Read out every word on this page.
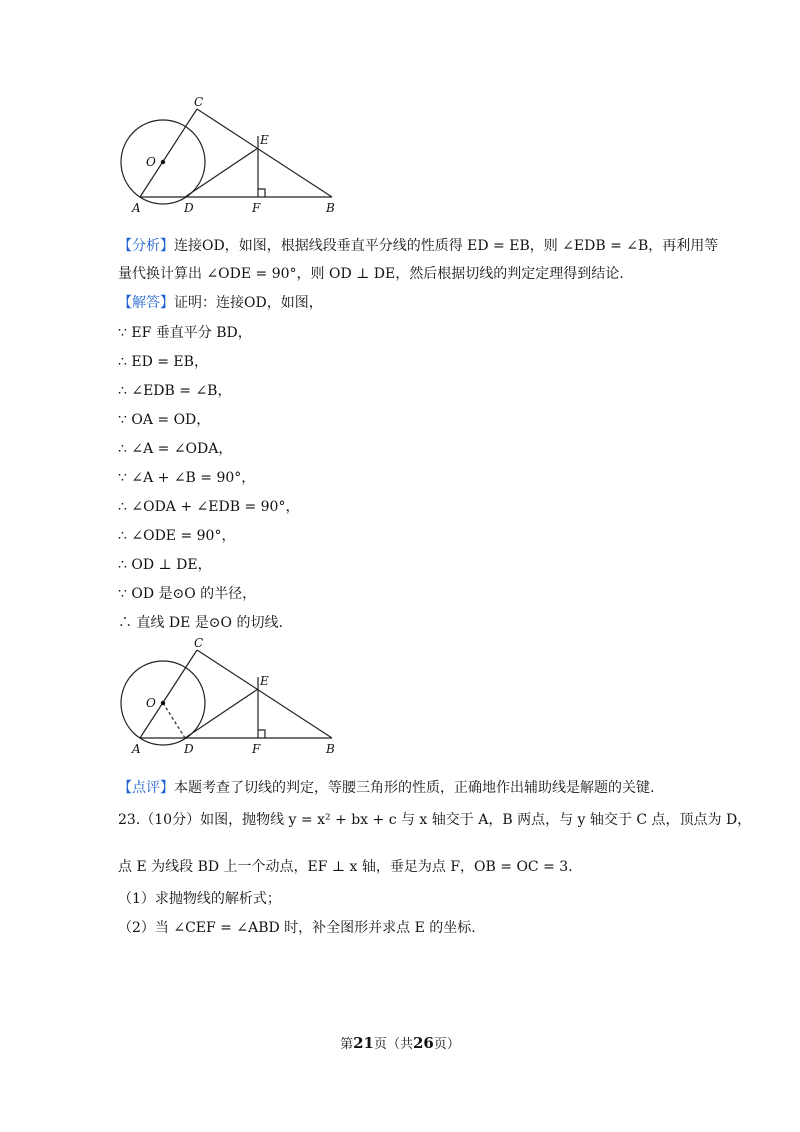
C
E
O
A	D	F	B
【分析】连接OD，如图，根据线段垂直平分线的性质得 ED = EB，则 ∠EDB = ∠B，再利用等
量代换计算出 ∠ODE = 90°，则 OD ⊥ DE，然后根据切线的判定定理得到结论.
【解答】证明：连接OD，如图，
∵ EF 垂直平分 BD，
∴ ED = EB，
∴ ∠EDB = ∠B，
∵ OA = OD，
∴ ∠A = ∠ODA，
∵ ∠A + ∠B = 90°，
∴ ∠ODA + ∠EDB = 90°，
∴ ∠ODE = 90°，
∴ OD ⊥ DE，
∵ OD 是⊙O 的半径，
∴ 直线 DE 是⊙O 的切线.
C
E
O
A	D	F	B
【点评】本题考查了切线的判定，等腰三角形的性质，正确地作出辅助线是解题的关键.
23.（10分）如图，抛物线 y = x² + bx + c 与 x 轴交于 A，B 两点，与 y 轴交于 C 点，顶点为 D，
点 E 为线段 BD 上一个动点，EF ⊥ x 轴，垂足为点 F，OB = OC = 3.
（1）求抛物线的解析式；
（2）当 ∠CEF = ∠ABD 时，补全图形并求点 E 的坐标.
第21页（共26页）
